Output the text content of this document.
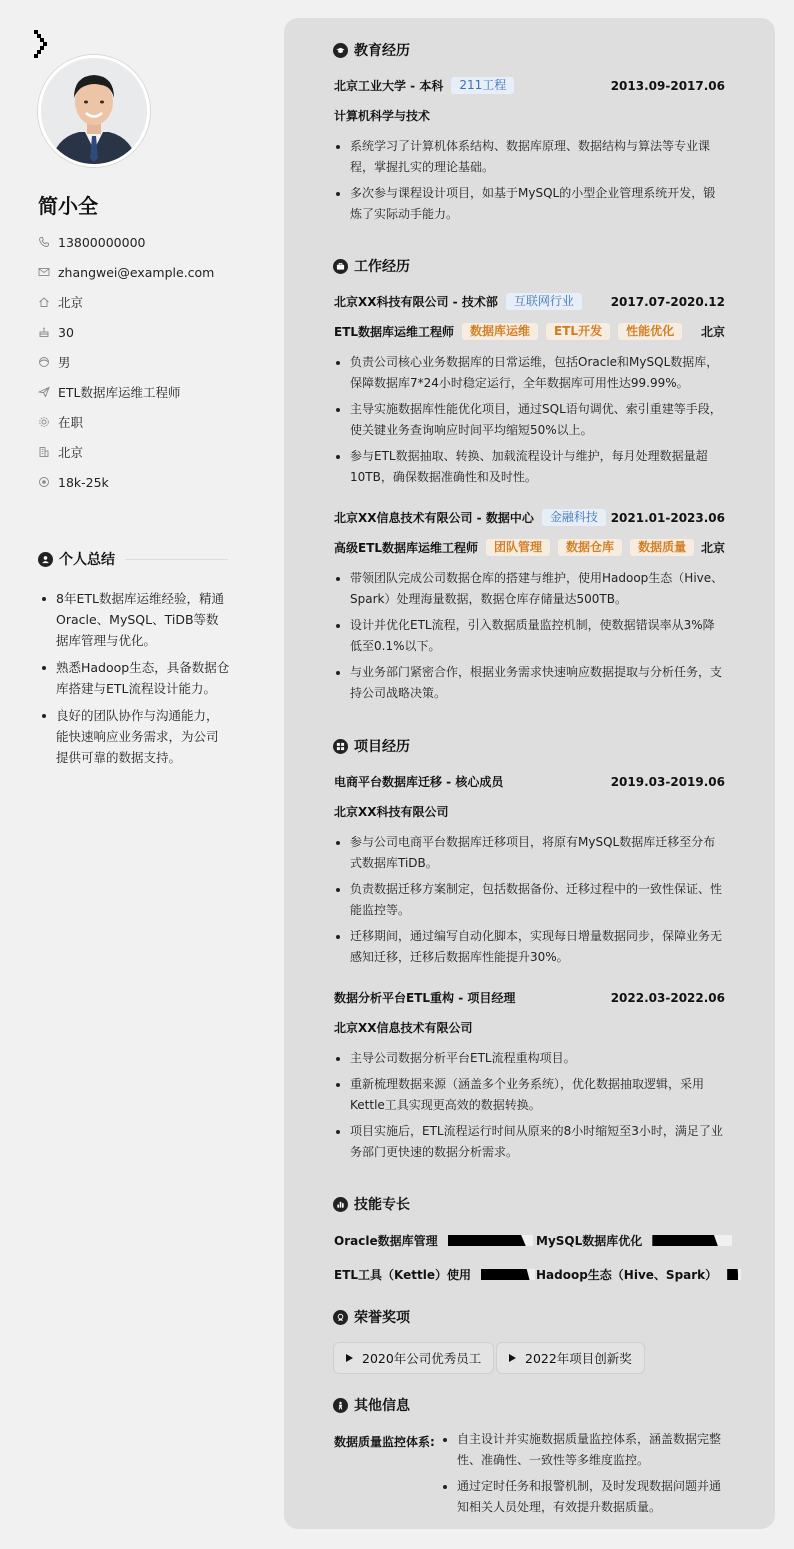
简小全
13800000000
zhangwei@example.com
北京
30
男
ETL数据库运维工程师
在职
北京
18k-25k
个人总结
8年ETL数据库运维经验，精通Oracle、MySQL、TiDB等数据库管理与优化。
熟悉Hadoop生态，具备数据仓库搭建与ETL流程设计能力。
良好的团队协作与沟通能力，能快速响应业务需求，为公司提供可靠的数据支持。
教育经历
北京工业大学 - 本科	211工程	2013.09-2017.06
计算机科学与技术
系统学习了计算机体系结构、数据库原理、数据结构与算法等专业课程，掌握扎实的理论基础。
多次参与课程设计项目，如基于MySQL的小型企业管理系统开发，锻炼了实际动手能力。
工作经历
北京XX科技有限公司 - 技术部	互联网行业	2017.07-2020.12
ETL数据库运维工程师	数据库运维	ETL开发	性能优化	北京
负责公司核心业务数据库的日常运维，包括Oracle和MySQL数据库，保障数据库7*24小时稳定运行，全年数据库可用性达99.99%。
主导实施数据库性能优化项目，通过SQL语句调优、索引重建等手段，使关键业务查询响应时间平均缩短50%以上。
参与ETL数据抽取、转换、加载流程设计与维护，每月处理数据量超10TB，确保数据准确性和及时性。
北京XX信息技术有限公司 - 数据中心	金融科技	2021.01-2023.06
高级ETL数据库运维工程师	团队管理	数据仓库	数据质量	北京
带领团队完成公司数据仓库的搭建与维护，使用Hadoop生态（Hive、Spark）处理海量数据，数据仓库存储量达500TB。
设计并优化ETL流程，引入数据质量监控机制，使数据错误率从3%降低至0.1%以下。
与业务部门紧密合作，根据业务需求快速响应数据提取与分析任务，支持公司战略决策。
项目经历
电商平台数据库迁移 - 核心成员	2019.03-2019.06
北京XX科技有限公司
参与公司电商平台数据库迁移项目，将原有MySQL数据库迁移至分布式数据库TiDB。
负责数据迁移方案制定，包括数据备份、迁移过程中的一致性保证、性能监控等。
迁移期间，通过编写自动化脚本，实现每日增量数据同步，保障业务无感知迁移，迁移后数据库性能提升30%。
数据分析平台ETL重构 - 项目经理	2022.03-2022.06
北京XX信息技术有限公司
主导公司数据分析平台ETL流程重构项目。
重新梳理数据来源（涵盖多个业务系统），优化数据抽取逻辑，采用Kettle工具实现更高效的数据转换。
项目实施后，ETL流程运行时间从原来的8小时缩短至3小时，满足了业务部门更快速的数据分析需求。
技能专长
Oracle数据库管理	MySQL数据库优化
ETL工具（Kettle）使用	Hadoop生态（Hive、Spark）
荣誉奖项
其他信息
数据质量监控体系:	自主设计并实施数据质量监控体系，涵盖数据完整性、准确性、一致性等多维度监控。
通过定时任务和报警机制，及时发现数据问题并通知相关人员处理，有效提升数据质量。
2020年公司优秀员工	2022年项目创新奖
